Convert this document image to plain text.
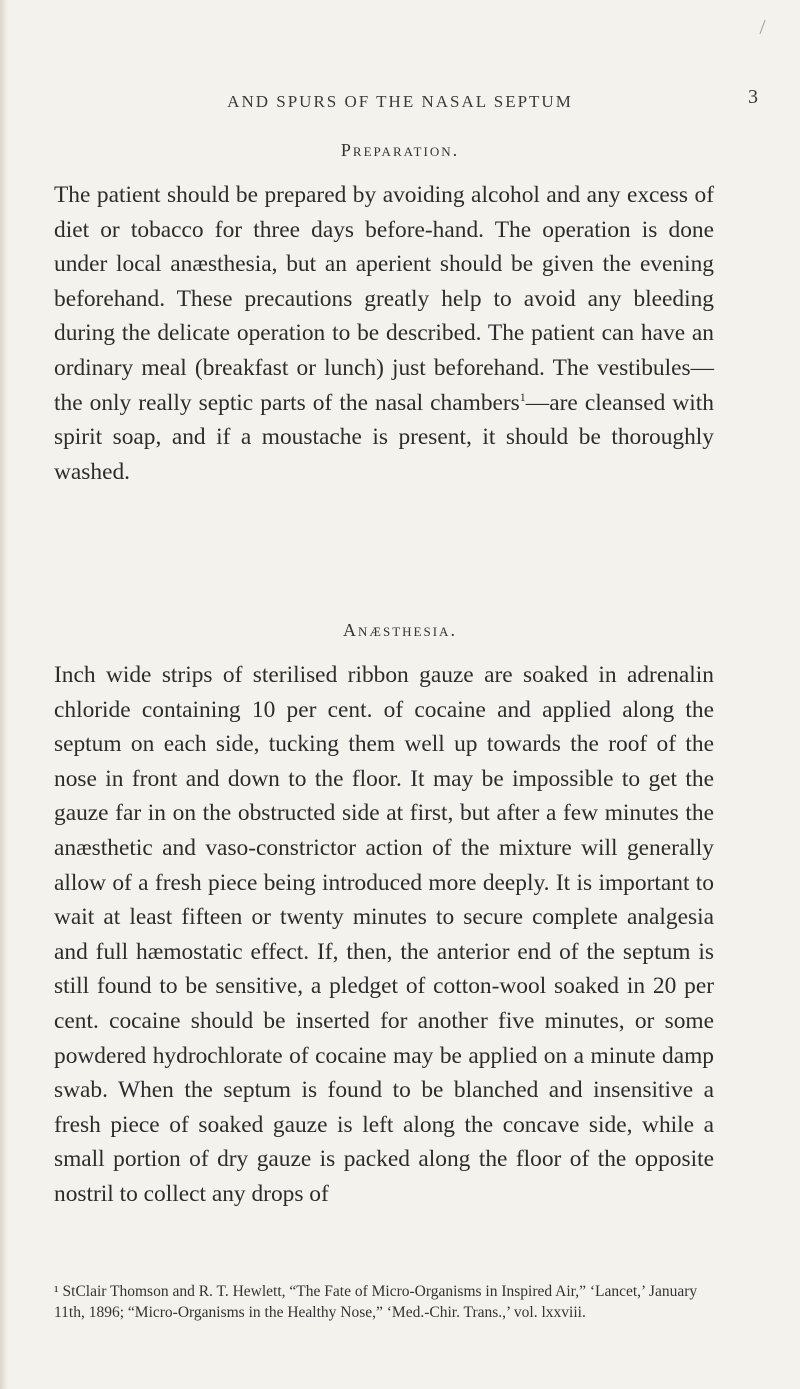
AND SPURS OF THE NASAL SEPTUM	3
Preparation.

The patient should be prepared by avoiding alcohol and any excess of diet or tobacco for three days before-hand. The operation is done under local anæsthesia, but an aperient should be given the evening beforehand. These precautions greatly help to avoid any bleeding during the delicate operation to be described. The patient can have an ordinary meal (breakfast or lunch) just beforehand. The vestibules—the only really septic parts of the nasal chambers$^1$—are cleansed with spirit soap, and if a moustache is present, it should be thoroughly washed.

Anæsthesia.

Inch wide strips of sterilised ribbon gauze are soaked in adrenalin chloride containing 10 per cent. of cocaine and applied along the septum on each side, tucking them well up towards the roof of the nose in front and down to the floor. It may be impossible to get the gauze far in on the obstructed side at first, but after a few minutes the anæsthetic and vaso-constrictor action of the mixture will generally allow of a fresh piece being introduced more deeply. It is important to wait at least fifteen or twenty minutes to secure complete analgesia and full hæmostatic effect. If, then, the anterior end of the septum is still found to be sensitive, a pledget of cotton-wool soaked in 20 per cent. cocaine should be inserted for another five minutes, or some powdered hydrochlorate of cocaine may be applied on a minute damp swab. When the septum is found to be blanched and insensitive a fresh piece of soaked gauze is left along the concave side, while a small portion of dry gauze is packed along the floor of the opposite nostril to collect any drops of

¹ StClair Thomson and R. T. Hewlett, “The Fate of Micro-Organisms in Inspired Air,” ‘Lancet,’ January 11th, 1896; “Micro-Organisms in the Healthy Nose,” ‘Med.-Chir. Trans.,’ vol. lxxviii.
